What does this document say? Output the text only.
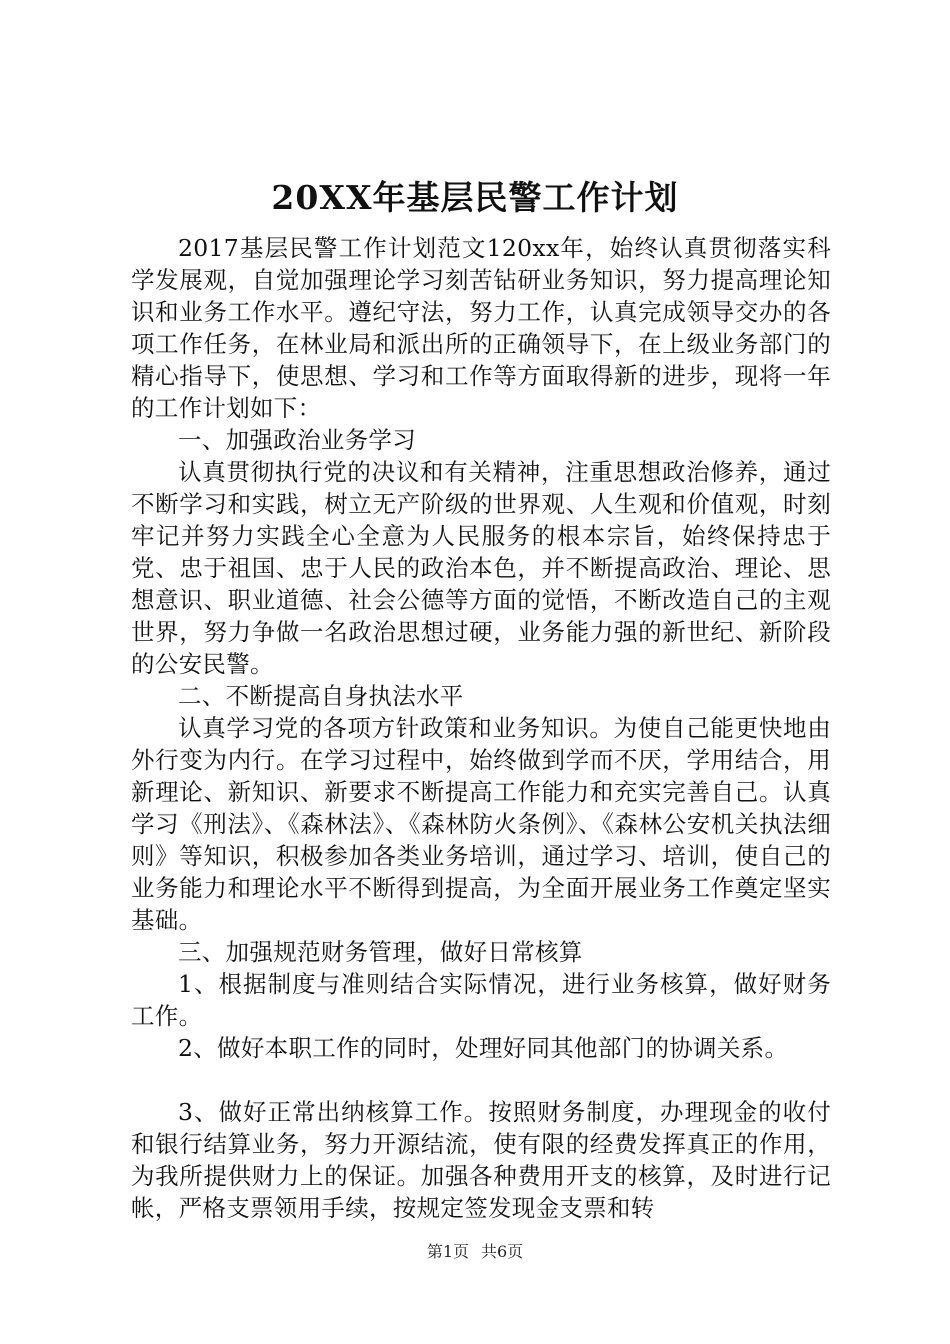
20XX年基层民警工作计划

2017基层民警工作计划范文120xx年，始终认真贯彻落实科学发展观，自觉加强理论学习刻苦钻研业务知识，努力提高理论知识和业务工作水平。遵纪守法，努力工作，认真完成领导交办的各项工作任务，在林业局和派出所的正确领导下，在上级业务部门的精心指导下，使思想、学习和工作等方面取得新的进步，现将一年的工作计划如下：

一、加强政治业务学习

认真贯彻执行党的决议和有关精神，注重思想政治修养，通过不断学习和实践，树立无产阶级的世界观、人生观和价值观，时刻牢记并努力实践全心全意为人民服务的根本宗旨，始终保持忠于党、忠于祖国、忠于人民的政治本色，并不断提高政治、理论、思想意识、职业道德、社会公德等方面的觉悟，不断改造自己的主观世界，努力争做一名政治思想过硬，业务能力强的新世纪、新阶段的公安民警。

二、不断提高自身执法水平

认真学习党的各项方针政策和业务知识。为使自己能更快地由外行变为内行。在学习过程中，始终做到学而不厌，学用结合，用新理论、新知识、新要求不断提高工作能力和充实完善自己。认真学习《刑法》、《森林法》、《森林防火条例》、《森林公安机关执法细则》等知识，积极参加各类业务培训，通过学习、培训，使自己的业务能力和理论水平不断得到提高，为全面开展业务工作奠定坚实基础。

三、加强规范财务管理，做好日常核算

1、根据制度与准则结合实际情况，进行业务核算，做好财务工作。

2、做好本职工作的同时，处理好同其他部门的协调关系。

3、做好正常出纳核算工作。按照财务制度，办理现金的收付和银行结算业务，努力开源结流，使有限的经费发挥真正的作用，为我所提供财力上的保证。加强各种费用开支的核算，及时进行记帐，严格支票领用手续，按规定签发现金支票和转

第1页 共6页
